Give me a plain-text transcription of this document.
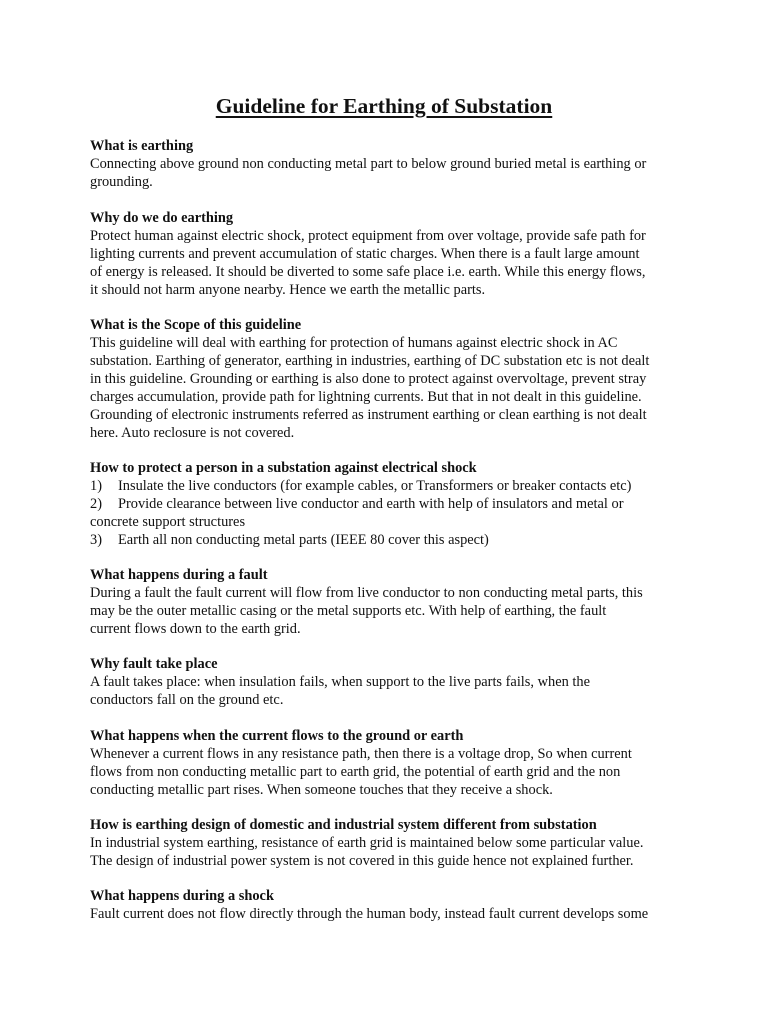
Guideline for Earthing of Substation
What is earthing
Connecting above ground non conducting metal part to below ground buried metal is earthing or
grounding.
Why do we do earthing
Protect human against electric shock, protect equipment from over voltage, provide safe path for
lighting currents and prevent accumulation of static charges. When there is a fault large amount
of energy is released. It should be diverted to some safe place i.e. earth. While this energy flows,
it should not harm anyone nearby. Hence we earth the metallic parts.
What is the Scope of this guideline
This guideline will deal with earthing for protection of humans against electric shock in AC
substation. Earthing of generator, earthing in industries, earthing of DC substation etc is not dealt
in this guideline. Grounding or earthing is also done to protect against overvoltage, prevent stray
charges accumulation, provide path for lightning currents. But that in not dealt in this guideline.
Grounding of electronic instruments referred as instrument earthing or clean earthing is not dealt
here. Auto reclosure is not covered.
How to protect a person in a substation against electrical shock
1) Insulate the live conductors (for example cables, or Transformers or breaker contacts etc)
2) Provide clearance between live conductor and earth with help of insulators and metal or
concrete support structures
3) Earth all non conducting metal parts (IEEE 80 cover this aspect)
What happens during a fault
During a fault the fault current will flow from live conductor to non conducting metal parts, this
may be the outer metallic casing or the metal supports etc. With help of earthing, the fault
current flows down to the earth grid.
Why fault take place
A fault takes place: when insulation fails, when support to the live parts fails, when the
conductors fall on the ground etc.
What happens when the current flows to the ground or earth
Whenever a current flows in any resistance path, then there is a voltage drop, So when current
flows from non conducting metallic part to earth grid, the potential of earth grid and the non
conducting metallic part rises. When someone touches that they receive a shock.
How is earthing design of domestic and industrial system different from substation
In industrial system earthing, resistance of earth grid is maintained below some particular value.
The design of industrial power system is not covered in this guide hence not explained further.
What happens during a shock
Fault current does not flow directly through the human body, instead fault current develops some
